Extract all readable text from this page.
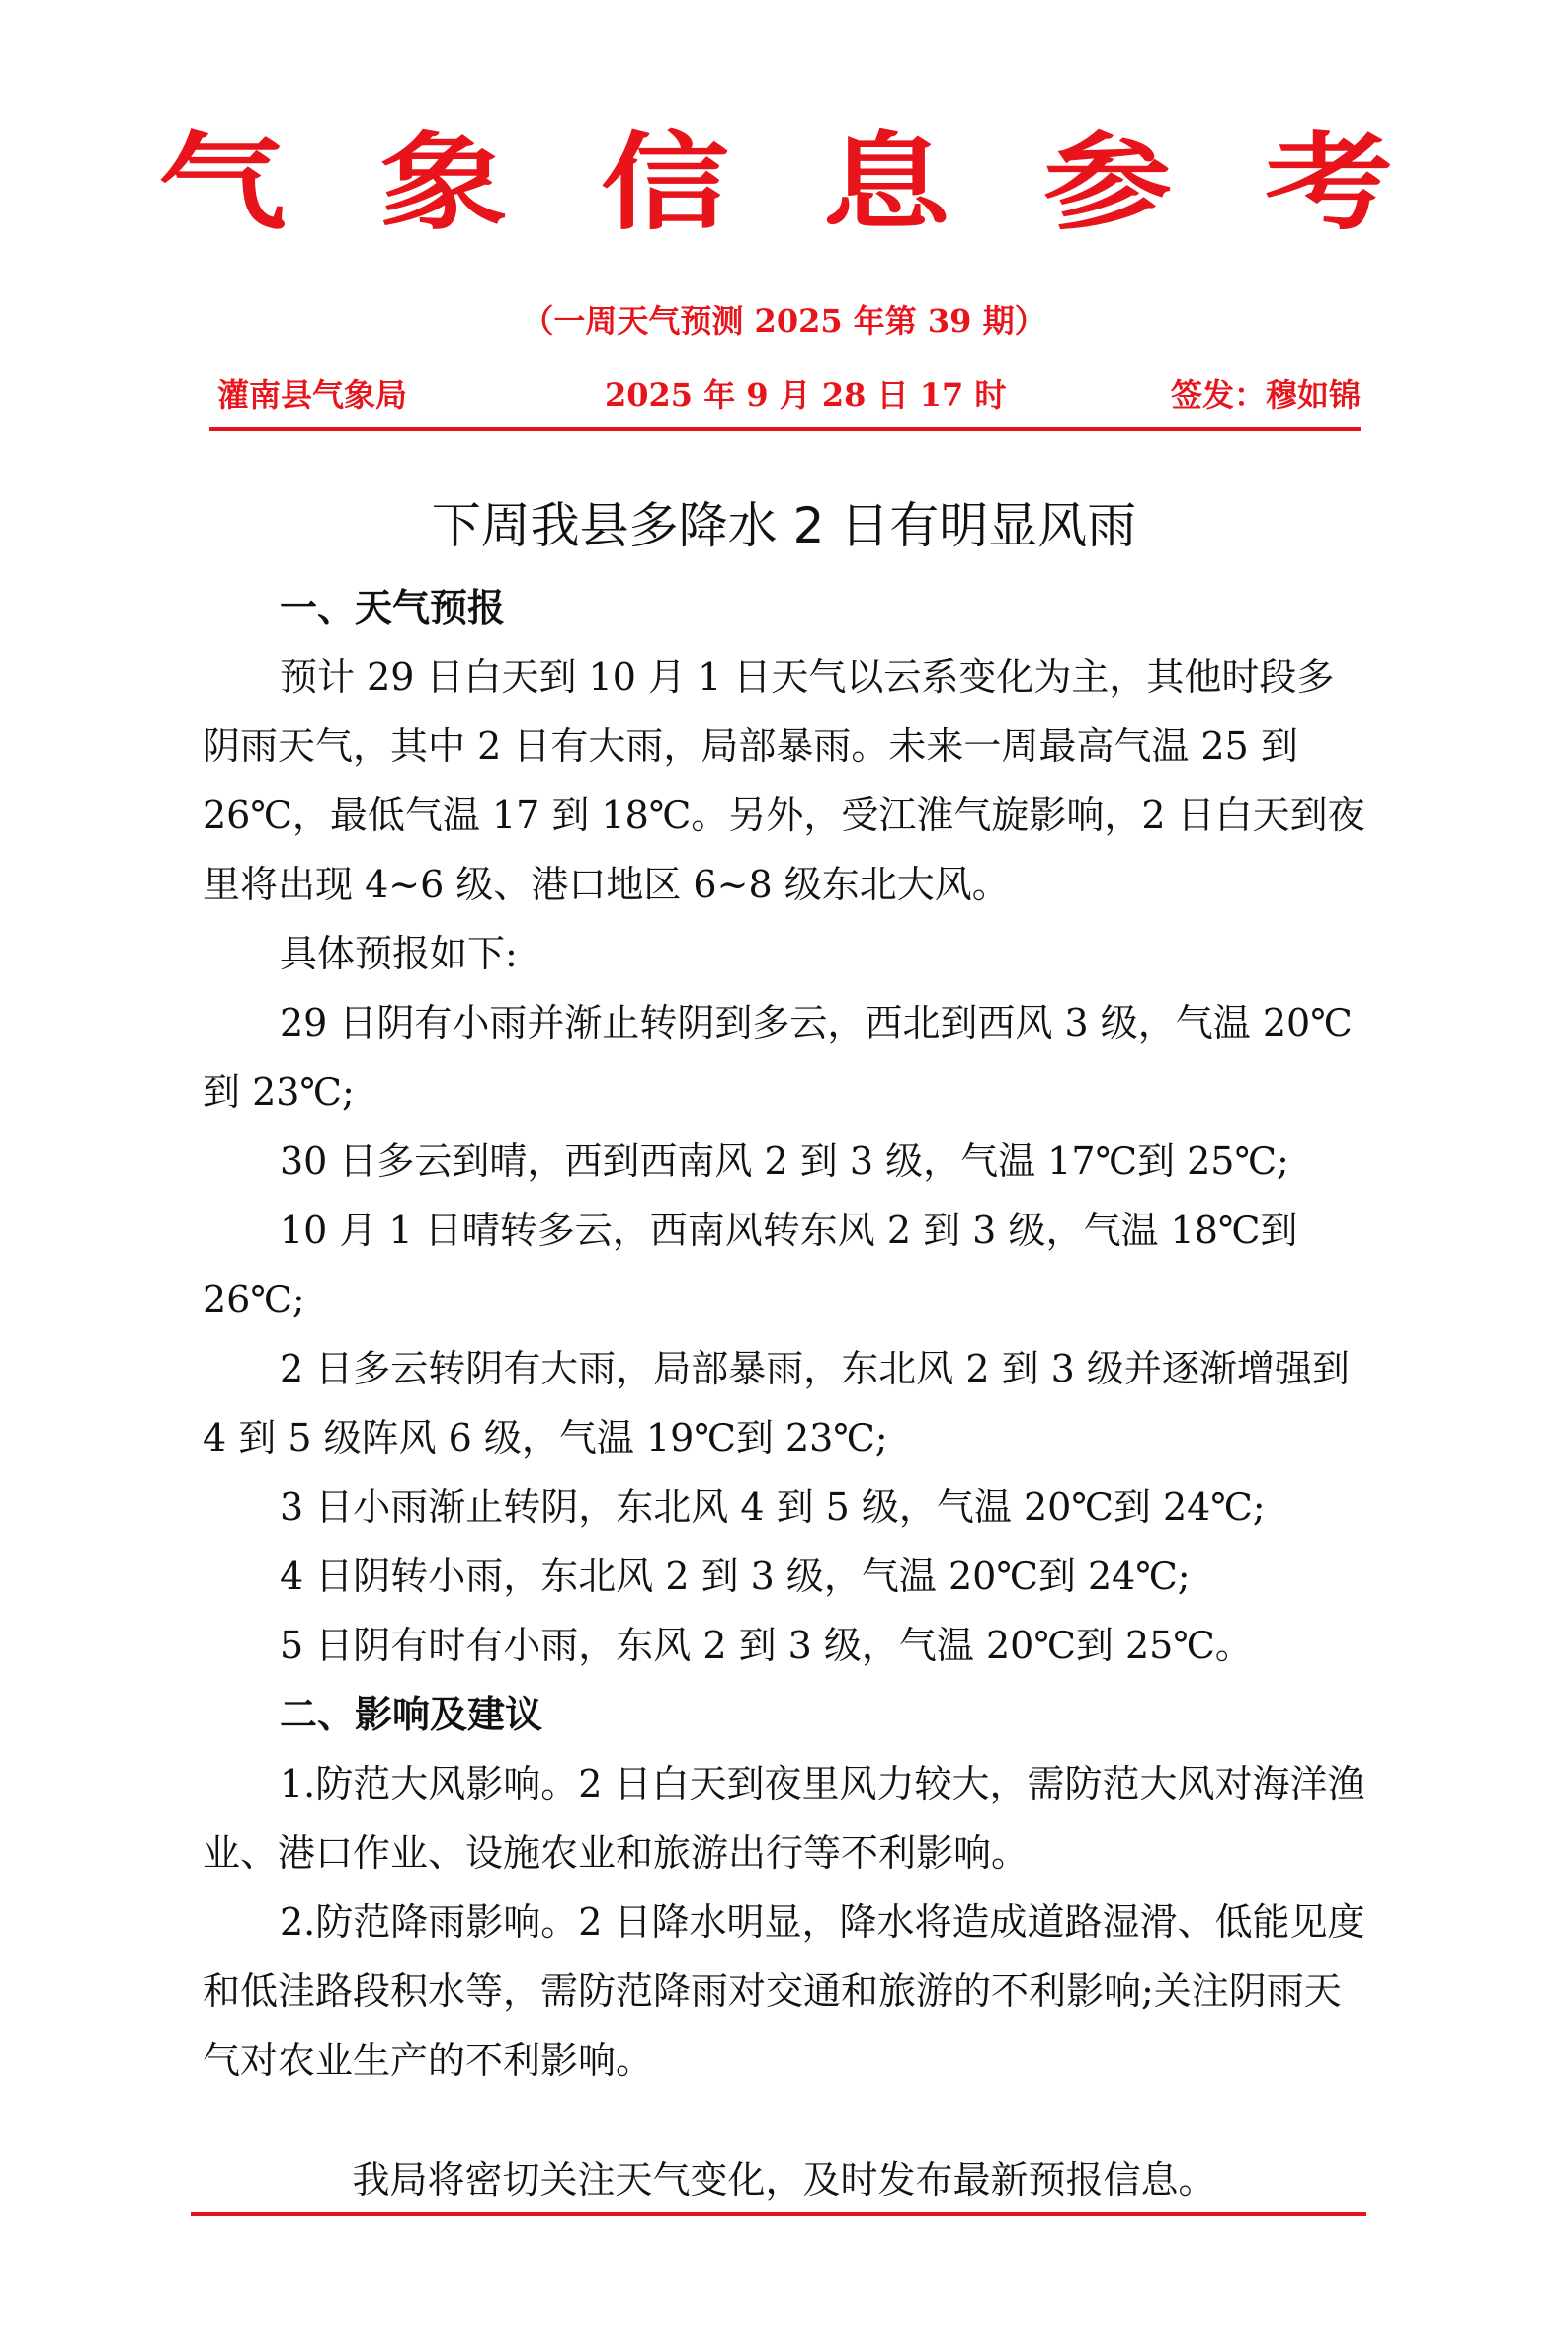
气 象 信 息 参 考
（一周天气预测 2025 年第 39 期）
灌南县气象局	2025 年 9 月 28 日 17 时	签发：穆如锦
下周我县多降水 2 日有明显风雨

一、天气预报

预计 29 日白天到 10 月 1 日天气以云系变化为主，其他时段多阴雨天气，其中 2 日有大雨，局部暴雨。未来一周最高气温 25 到 26℃，最低气温 17 到 18℃。另外，受江淮气旋影响，2 日白天到夜里将出现 4~6 级、港口地区 6~8 级东北大风。

具体预报如下:

29 日阴有小雨并渐止转阴到多云，西北到西风 3 级，气温 20℃到 23℃;

30 日多云到晴，西到西南风 2 到 3 级，气温 17℃到 25℃;

10 月 1 日晴转多云，西南风转东风 2 到 3 级，气温 18℃到 26℃;

2 日多云转阴有大雨，局部暴雨，东北风 2 到 3 级并逐渐增强到 4 到 5 级阵风 6 级，气温 19℃到 23℃;

3 日小雨渐止转阴，东北风 4 到 5 级，气温 20℃到 24℃;

4 日阴转小雨，东北风 2 到 3 级，气温 20℃到 24℃;

5 日阴有时有小雨，东风 2 到 3 级，气温 20℃到 25℃。

二、影响及建议

1.防范大风影响。2 日白天到夜里风力较大，需防范大风对海洋渔业、港口作业、设施农业和旅游出行等不利影响。

2.防范降雨影响。2 日降水明显，降水将造成道路湿滑、低能见度和低洼路段积水等，需防范降雨对交通和旅游的不利影响;关注阴雨天气对农业生产的不利影响。

我局将密切关注天气变化，及时发布最新预报信息。
